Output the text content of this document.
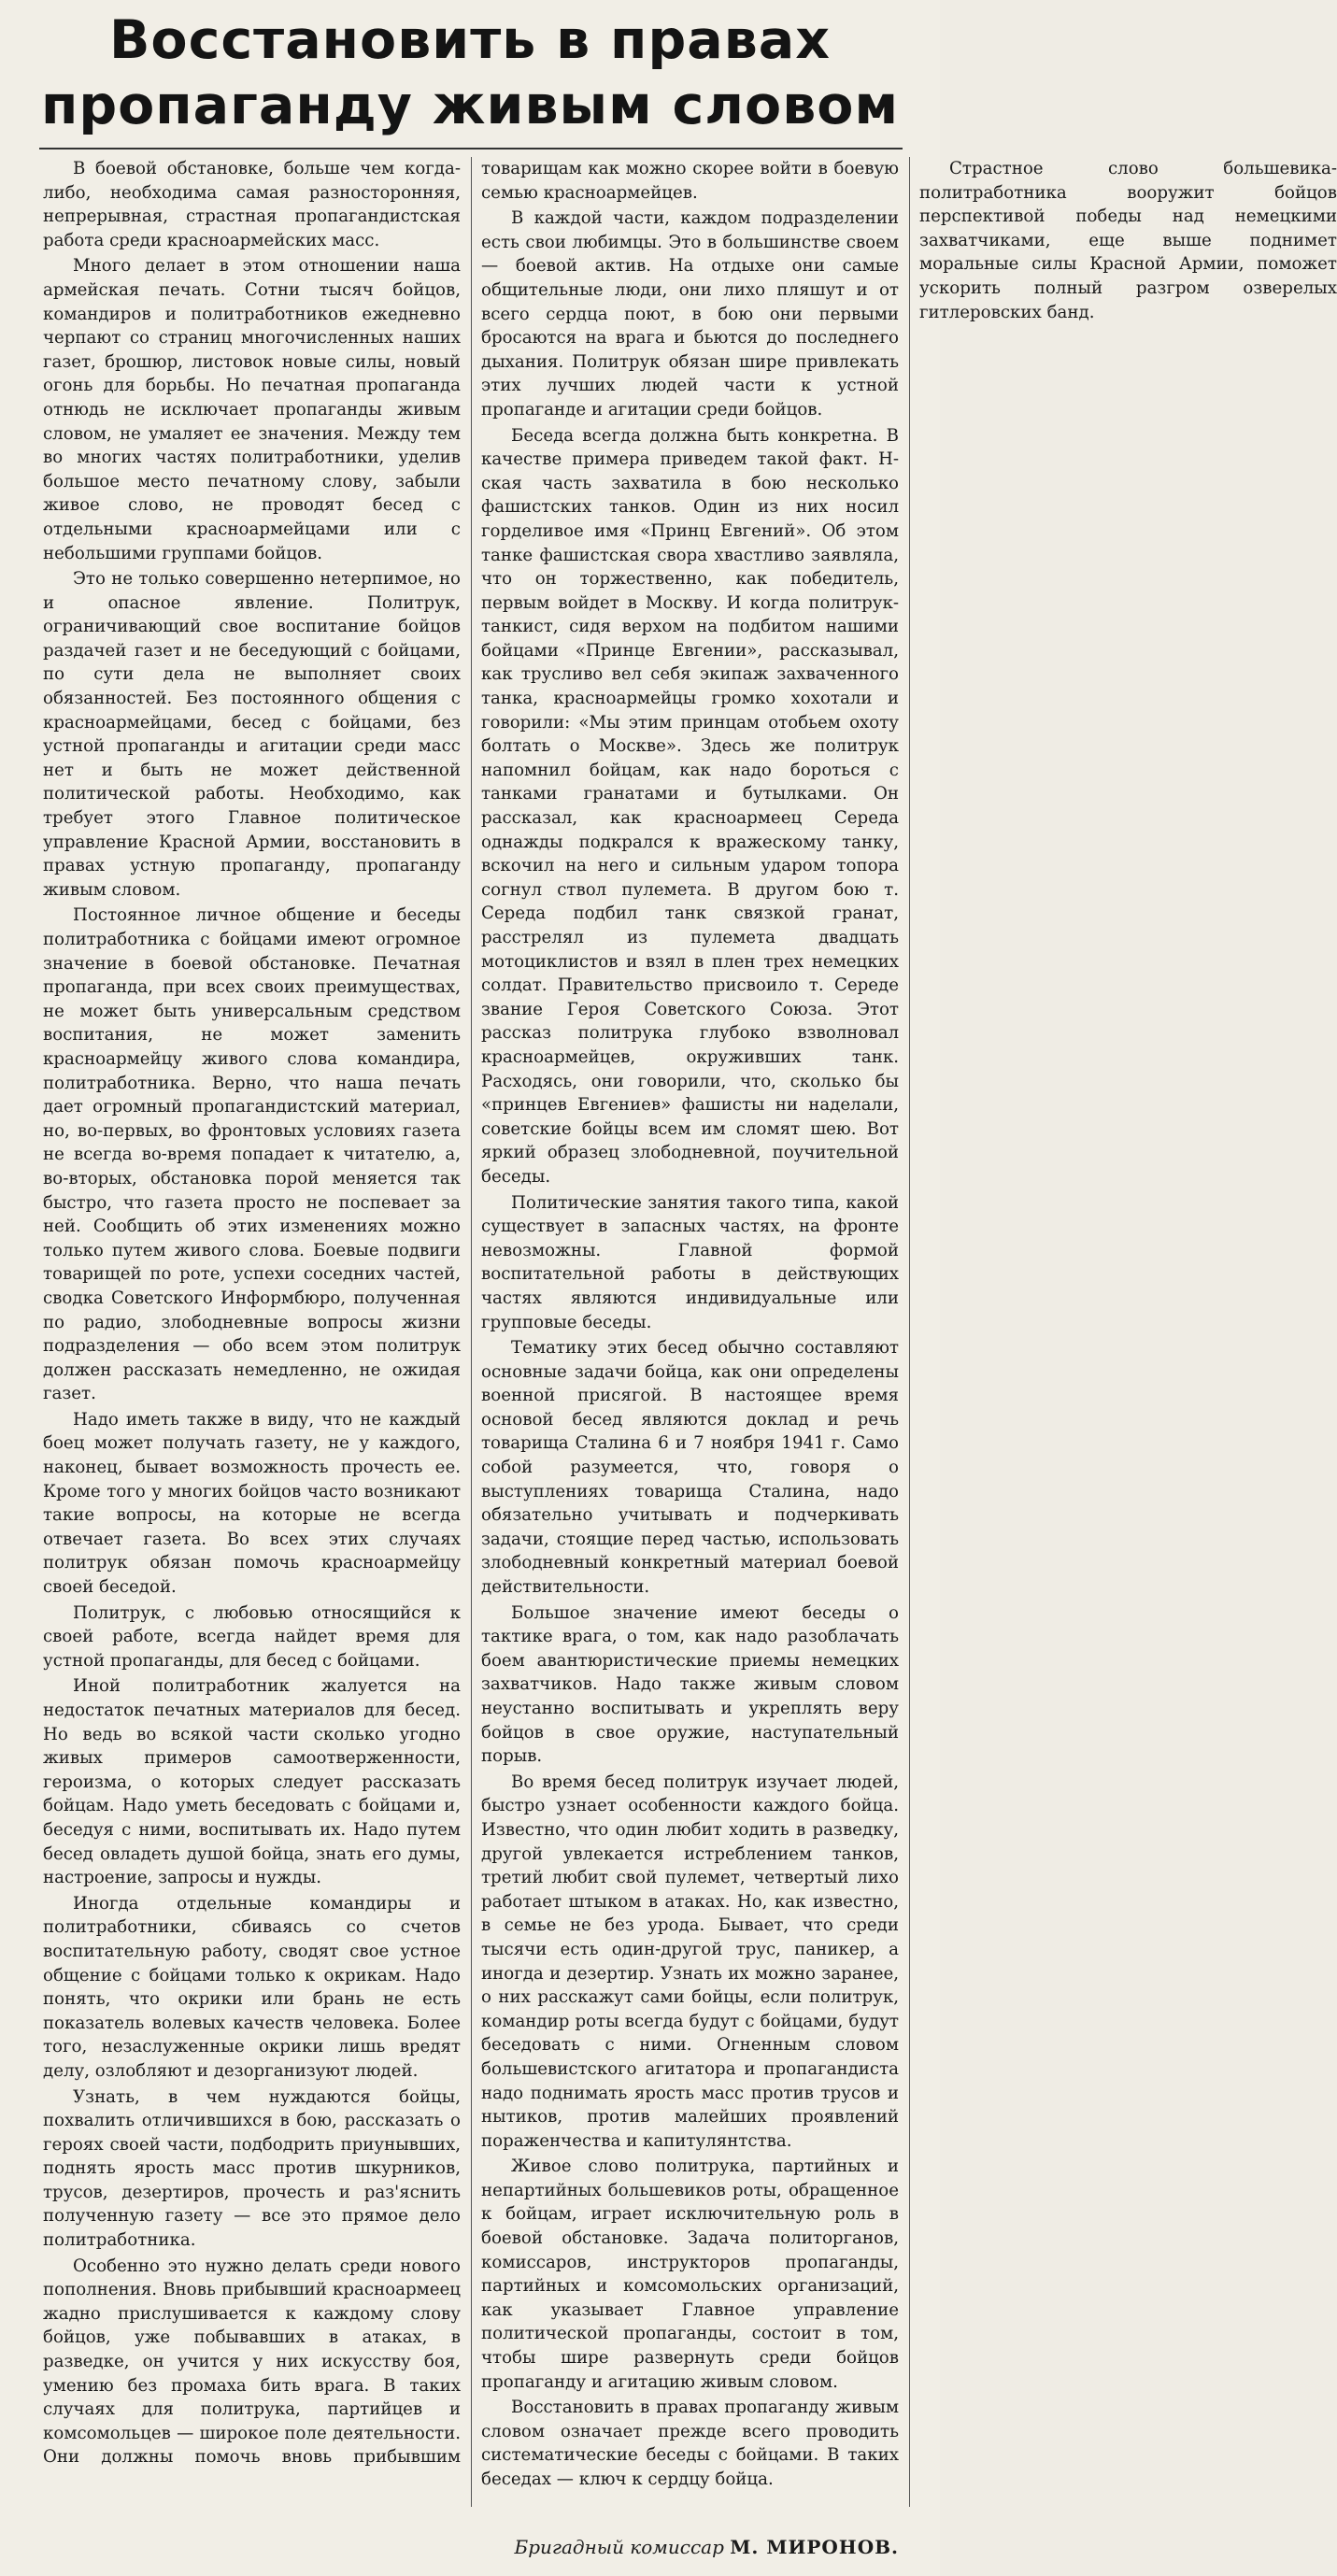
Восстановить в правах
пропаганду живым словом

В боевой обстановке, больше чем когда-либо, необходима самая разносторонняя, непрерывная, страстная пропагандистская работа среди красноармейских масс.

Много делает в этом отношении наша армейская печать. Сотни тысяч бойцов, командиров и политработников ежедневно черпают со страниц многочисленных наших газет, брошюр, листовок новые силы, новый огонь для борьбы. Но печатная пропаганда отнюдь не исключает пропаганды живым словом, не умаляет ее значения. Между тем во многих частях политработники, уделив большое место печатному слову, забыли живое слово, не проводят бесед с отдельными красноармейцами или с небольшими группами бойцов.

Это не только совершенно нетерпимое, но и опасное явление. Политрук, ограничивающий свое воспитание бойцов раздачей газет и не беседующий с бойцами, по сути дела не выполняет своих обязанностей. Без постоянного общения с красноармейцами, бесед с бойцами, без устной пропаганды и агитации среди масс нет и быть не может действенной политической работы. Необходимо, как требует этого Главное политическое управление Красной Армии, восстановить в правах устную пропаганду, пропаганду живым словом.

Постоянное личное общение и беседы политработника с бойцами имеют огромное значение в боевой обстановке. Печатная пропаганда, при всех своих преимуществах, не может быть универсальным средством воспитания, не может заменить красноармейцу живого слова командира, политработника. Верно, что наша печать дает огромный пропагандистский материал, но, во-первых, во фронтовых условиях газета не всегда во-время попадает к читателю, а, во-вторых, обстановка порой меняется так быстро, что газета просто не поспевает за ней. Сообщить об этих изменениях можно только путем живого слова. Боевые подвиги товарищей по роте, успехи соседних частей, сводка Советского Информбюро, полученная по радио, злободневные вопросы жизни подразделения — обо всем этом политрук должен рассказать немедленно, не ожидая газет.

Надо иметь также в виду, что не каждый боец может получать газету, не у каждого, наконец, бывает возможность прочесть ее. Кроме того у многих бойцов часто возникают такие вопросы, на которые не всегда отвечает газета. Во всех этих случаях политрук обязан помочь красноармейцу своей беседой.

Политрук, с любовью относящийся к своей работе, всегда найдет время для устной пропаганды, для бесед с бойцами.

Иной политработник жалуется на недостаток печатных материалов для бесед. Но ведь во всякой части сколько угодно живых примеров самоотверженности, героизма, о которых следует рассказать бойцам. Надо уметь беседовать с бойцами и, беседуя с ними, воспитывать их. Надо путем бесед овладеть душой бойца, знать его думы, настроение, запросы и нужды.

Иногда отдельные командиры и политработники, сбиваясь со счетов воспитательную работу, сводят свое устное общение с бойцами только к окрикам. Надо понять, что окрики или брань не есть показатель волевых качеств человека. Более того, незаслуженные окрики лишь вредят делу, озлобляют и дезорганизуют людей.

Узнать, в чем нуждаются бойцы, похвалить отличившихся в бою, рассказать о героях своей части, подбодрить приунывших, поднять ярость масс против шкурников, трусов, дезертиров, прочесть и раз'яснить полученную газету — все это прямое дело политработника.

Особенно это нужно делать среди нового пополнения. Вновь прибывший красноармеец жадно прислушивается к каждому слову бойцов, уже побывавших в атаках, в разведке, он учится у них искусству боя, умению без промаха бить врага. В таких случаях для политрука, партийцев и комсомольцев — широкое поле деятельности. Они должны помочь вновь прибывшим товарищам как можно скорее войти в боевую семью красноармейцев.

В каждой части, каждом подразделении есть свои любимцы. Это в большинстве своем — боевой актив. На отдыхе они самые общительные люди, они лихо пляшут и от всего сердца поют, в бою они первыми бросаются на врага и бьются до последнего дыхания. Политрук обязан шире привлекать этих лучших людей части к устной пропаганде и агитации среди бойцов.

Беседа всегда должна быть конкретна. В качестве примера приведем такой факт. Н-ская часть захватила в бою несколько фашистских танков. Один из них носил горделивое имя «Принц Евгений». Об этом танке фашистская свора хвастливо заявляла, что он торжественно, как победитель, первым войдет в Москву. И когда политрук-танкист, сидя верхом на подбитом нашими бойцами «Принце Евгении», рассказывал, как трусливо вел себя экипаж захваченного танка, красноармейцы громко хохотали и говорили: «Мы этим принцам отобьем охоту болтать о Москве». Здесь же политрук напомнил бойцам, как надо бороться с танками гранатами и бутылками. Он рассказал, как красноармеец Середа однажды подкрался к вражескому танку, вскочил на него и сильным ударом топора согнул ствол пулемета. В другом бою т. Середа подбил танк связкой гранат, расстрелял из пулемета двадцать мотоциклистов и взял в плен трех немецких солдат. Правительство присвоило т. Середе звание Героя Советского Союза. Этот рассказ политрука глубоко взволновал красноармейцев, окруживших танк. Расходясь, они говорили, что, сколько бы «принцев Евгениев» фашисты ни наделали, советские бойцы всем им сломят шею. Вот яркий образец злободневной, поучительной беседы.

Политические занятия такого типа, какой существует в запасных частях, на фронте невозможны. Главной формой воспитательной работы в действующих частях являются индивидуальные или групповые беседы.

Тематику этих бесед обычно составляют основные задачи бойца, как они определены военной присягой. В настоящее время основой бесед являются доклад и речь товарища Сталина 6 и 7 ноября 1941 г. Само собой разумеется, что, говоря о выступлениях товарища Сталина, надо обязательно учитывать и подчеркивать задачи, стоящие перед частью, использовать злободневный конкретный материал боевой действительности.

Большое значение имеют беседы о тактике врага, о том, как надо разоблачать боем авантюристические приемы немецких захватчиков. Надо также живым словом неустанно воспитывать и укреплять веру бойцов в свое оружие, наступательный порыв.

Во время бесед политрук изучает людей, быстро узнает особенности каждого бойца. Известно, что один любит ходить в разведку, другой увлекается истреблением танков, третий любит свой пулемет, четвертый лихо работает штыком в атаках. Но, как известно, в семье не без урода. Бывает, что среди тысячи есть один-другой трус, паникер, а иногда и дезертир. Узнать их можно заранее, о них расскажут сами бойцы, если политрук, командир роты всегда будут с бойцами, будут беседовать с ними. Огненным словом большевистского агитатора и пропагандиста надо поднимать ярость масс против трусов и нытиков, против малейших проявлений пораженчества и капитулянтства.

Живое слово политрука, партийных и непартийных большевиков роты, обращенное к бойцам, играет исключительную роль в боевой обстановке. Задача политорганов, комиссаров, инструкторов пропаганды, партийных и комсомольских организаций, как указывает Главное управление политической пропаганды, состоит в том, чтобы шире развернуть среди бойцов пропаганду и агитацию живым словом.

Восстановить в правах пропаганду живым словом означает прежде всего проводить систематические беседы с бойцами. В таких беседах — ключ к сердцу бойца.

Страстное слово большевика-политработника вооружит бойцов перспективой победы над немецкими захватчиками, еще выше поднимет моральные силы Красной Армии, поможет ускорить полный разгром озверелых гитлеровских банд.

Бригадный комиссар М. МИРОНОВ.
